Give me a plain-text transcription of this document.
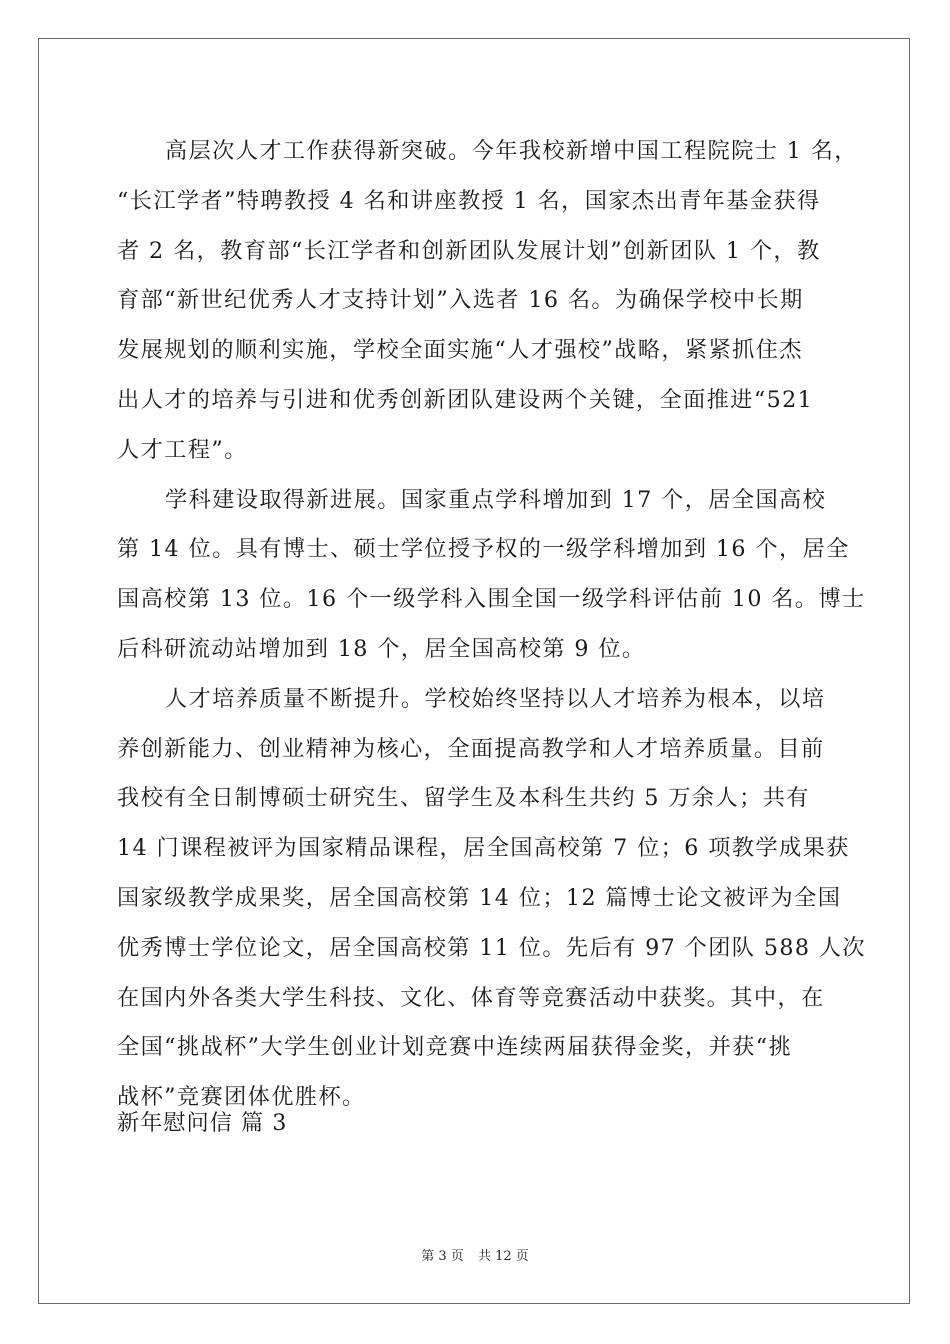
高层次人才工作获得新突破。今年我校新增中国工程院院士 1 名，
“长江学者”特聘教授 4 名和讲座教授 1 名，国家杰出青年基金获得
者 2 名，教育部“长江学者和创新团队发展计划”创新团队 1 个，教
育部“新世纪优秀人才支持计划”入选者 16 名。为确保学校中长期
发展规划的顺利实施，学校全面实施“人才强校”战略，紧紧抓住杰
出人才的培养与引进和优秀创新团队建设两个关键，全面推进“521
人才工程”。
学科建设取得新进展。国家重点学科增加到 17 个，居全国高校
第 14 位。具有博士、硕士学位授予权的一级学科增加到 16 个，居全
国高校第 13 位。16 个一级学科入围全国一级学科评估前 10 名。博士
后科研流动站增加到 18 个，居全国高校第 9 位。
人才培养质量不断提升。学校始终坚持以人才培养为根本，以培
养创新能力、创业精神为核心，全面提高教学和人才培养质量。目前
我校有全日制博硕士研究生、留学生及本科生共约 5 万余人；共有
14 门课程被评为国家精品课程，居全国高校第 7 位；6 项教学成果获
国家级教学成果奖，居全国高校第 14 位；12 篇博士论文被评为全国
优秀博士学位论文，居全国高校第 11 位。先后有 97 个团队 588 人次
在国内外各类大学生科技、文化、体育等竞赛活动中获奖。其中，在
全国“挑战杯”大学生创业计划竞赛中连续两届获得金奖，并获“挑
战杯”竞赛团体优胜杯。
新年慰问信 篇 3
第 3 页 共 12 页
